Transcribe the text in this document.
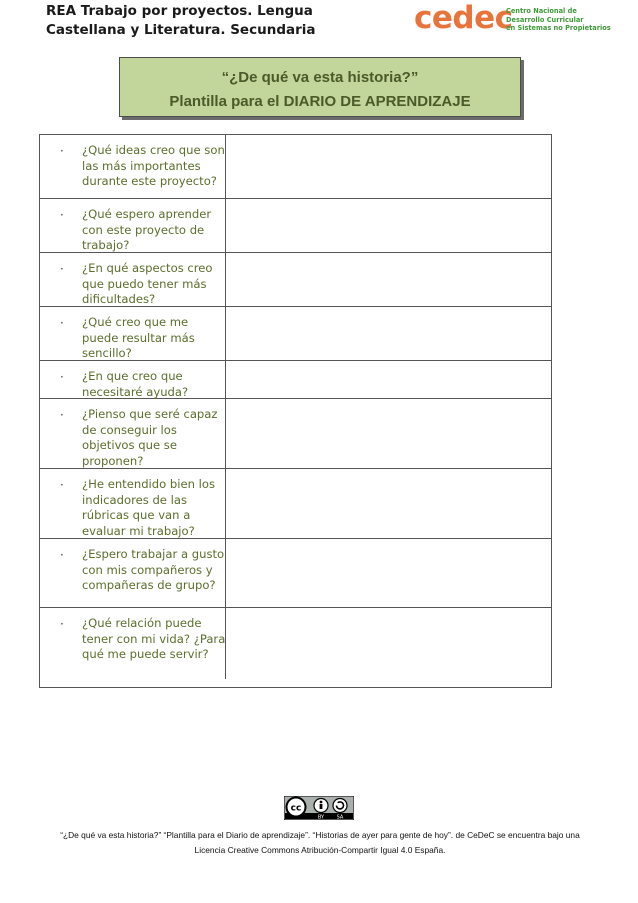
REA Trabajo por proyectos. Lengua
Castellana y Literatura. Secundaria	cedec
Centro Nacional de
Desarrollo Curricular
en Sistemas no Propietarios
“¿De qué va esta historia?”
Plantilla para el DIARIO DE APRENDIZAJE
· ¿Qué ideas creo que son las más importantes durante este proyecto?
· ¿Qué espero aprender con este proyecto de trabajo?
· ¿En qué aspectos creo que puedo tener más dificultades?
· ¿Qué creo que me puede resultar más sencillo?
· ¿En que creo que necesitaré ayuda?
· ¿Pienso que seré capaz de conseguir los objetivos que se proponen?
· ¿He entendido bien los indicadores de las rúbricas que van a evaluar mi trabajo?
· ¿Espero trabajar a gusto con mis compañeros y compañeras de grupo?
· ¿Qué relación puede tener con mi vida? ¿Para qué me puede servir?
cc
BY	SA
“¿De qué va esta historia?” “Plantilla para el Diario de aprendizaje”. “Historias de ayer para gente de hoy”. de CeDeC se encuentra bajo una
Licencia Creative Commons Atribución-Compartir Igual 4.0 España.
